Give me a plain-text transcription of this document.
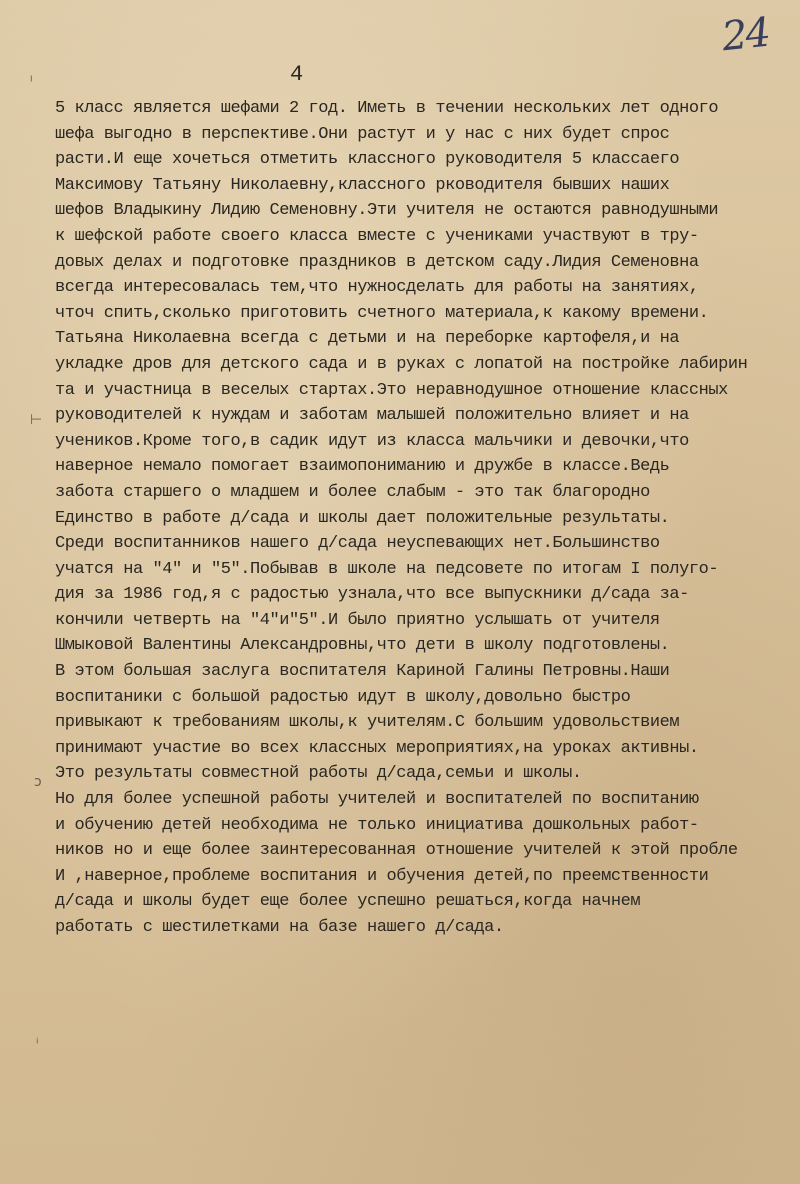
24
4
ᴵ
⊢
ᴐ
ⁱ
5 класс является шефами 2 год. Иметь в течении нескольких лет одного
шефа выгодно в перспективе.Они растут и у нас с них будет спрос
расти.И еще хочеться отметить классного руководителя 5 классаего
Максимову Татьяну Николаевну,классного рководителя бывших наших
шефов Владыкину Лидию Семеновну.Эти учителя не остаются равнодушными
к шефской работе своего класса вместе с учениками участвуют в тру-
довых делах и подготовке праздников в детском саду.Лидия Семеновна
всегда интересовалась тем,что нужносделать для работы на занятиях,
чточ спить,сколько приготовить счетного материала,к какому времени.
Татьяна Николаевна всегда с детьми и на переборке картофеля,и на
укладке дров для детского сада и в руках с лопатой на постройке лабирин
та и участница в веселых стартах.Это неравнодушное отношение классных
руководителей к нуждам и заботам малышей положительно влияет и на
учеников.Кроме того,в садик идут из класса мальчики и девочки,что
наверное немало помогает взаимопониманию и дружбе в классе.Ведь
забота старшего о младшем и более слабым - это так благородно
Единство в работе д/сада и школы дает положительные результаты.
Среди воспитанников нашего д/сада неуспевающих нет.Большинство
учатся на "4" и "5".Побывав в школе на педсовете по итогам I полуго-
дия за 1986 год,я с радостью узнала,что все выпускники д/сада за-
кончили четверть на "4"и"5".И было приятно услышать от учителя
Шмыковой Валентины Александровны,что дети в школу подготовлены.
В этом большая заслуга воспитателя Кариной Галины Петровны.Наши
воспитаники с большой радостью идут в школу,довольно быстро
привыкают к требованиям школы,к учителям.С большим удовольствием
принимают участие во всех классных мероприятиях,на уроках активны.
Это результаты совместной работы д/сада,семьи и школы.
Но для более успешной работы учителей и воспитателей по воспитанию
и обучению детей необходима не только инициатива дошкольных работ-
ников но и еще более заинтересованная отношение учителей к этой пробле
И ,наверное,проблеме воспитания и обучения детей,по преемственности
д/сада и школы будет еще более успешно решаться,когда начнем
работать с шестилетками на базе нашего д/сада.
